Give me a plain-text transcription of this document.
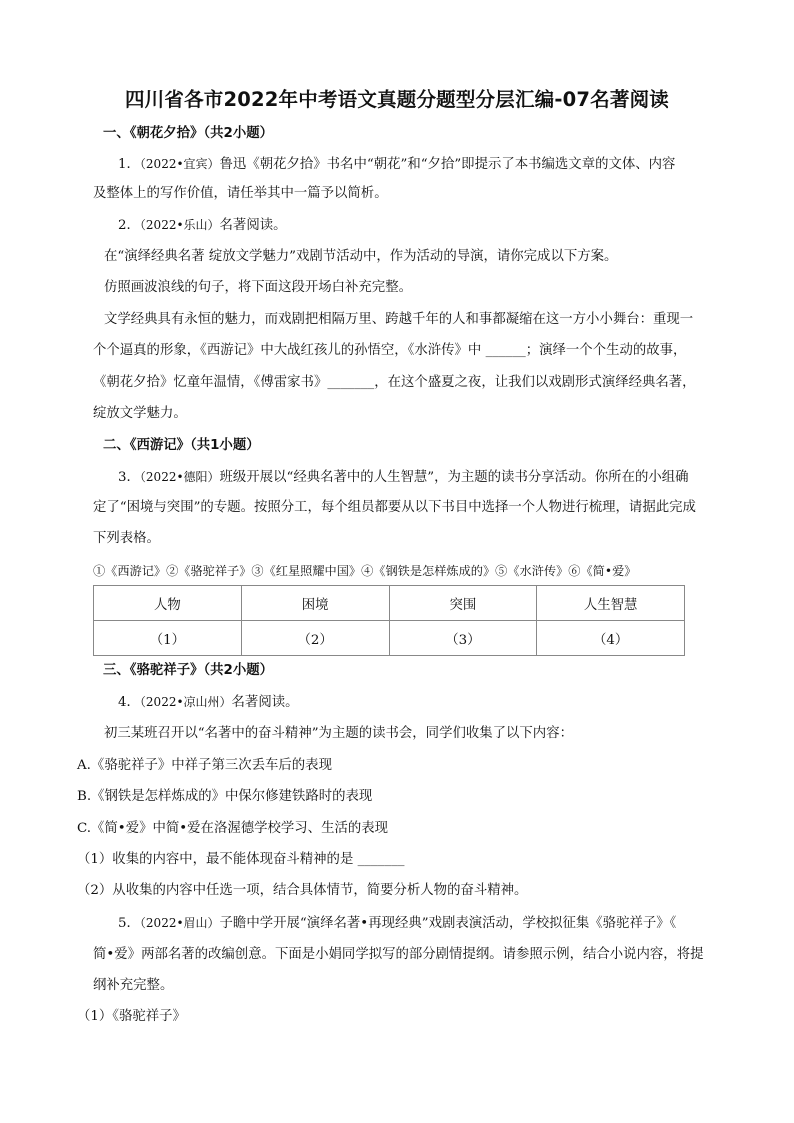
四川省各市2022年中考语文真题分题型分层汇编-07名著阅读
一、《朝花夕拾》（共2小题）
1．（2022•宜宾）鲁迅《朝花夕拾》书名中“朝花”和“夕拾”即提示了本书编选文章的文体、内容
及整体上的写作价值，请任举其中一篇予以简析。
2．（2022•乐山）名著阅读。
在“演绎经典名著 绽放文学魅力”戏剧节活动中，作为活动的导演，请你完成以下方案。
仿照画波浪线的句子，将下面这段开场白补充完整。
文学经典具有永恒的魅力，而戏剧把相隔万里、跨越千年的人和事都凝缩在这一方小小舞台：重现一
个个逼真的形象，《西游记》中大战红孩儿的孙悟空，《水浒传》中 ______；演绎一个个生动的故事，
《朝花夕拾》忆童年温情，《傅雷家书》_______，在这个盛夏之夜，让我们以戏剧形式演绎经典名著，
绽放文学魅力。
二、《西游记》（共1小题）
3．（2022•德阳）班级开展以“经典名著中的人生智慧”，为主题的读书分享活动。你所在的小组确
定了“困境与突围”的专题。按照分工，每个组员都要从以下书目中选择一个人物进行梳理，请据此完成
下列表格。
①《西游记》②《骆驼祥子》③《红星照耀中国》④《钢铁是怎样炼成的》⑤《水浒传》⑥《简•爱》
人物	困境	突围	人生智慧
（1）	（2）	（3）	（4）
三、《骆驼祥子》（共2小题）
4．（2022•凉山州）名著阅读。
初三某班召开以“名著中的奋斗精神”为主题的读书会，同学们收集了以下内容：
A.《骆驼祥子》中祥子第三次丢车后的表现
B.《钢铁是怎样炼成的》中保尔修建铁路时的表现
C.《简•爱》中简•爱在洛渥德学校学习、生活的表现
（1）收集的内容中，最不能体现奋斗精神的是 _______
（2）从收集的内容中任选一项，结合具体情节，简要分析人物的奋斗精神。
5．（2022•眉山）子瞻中学开展“演绎名著•再现经典”戏剧表演活动，学校拟征集《骆驼祥子》《
简•爱》两部名著的改编创意。下面是小娟同学拟写的部分剧情提纲。请参照示例，结合小说内容，将提
纲补充完整。
（1）《骆驼祥子》
